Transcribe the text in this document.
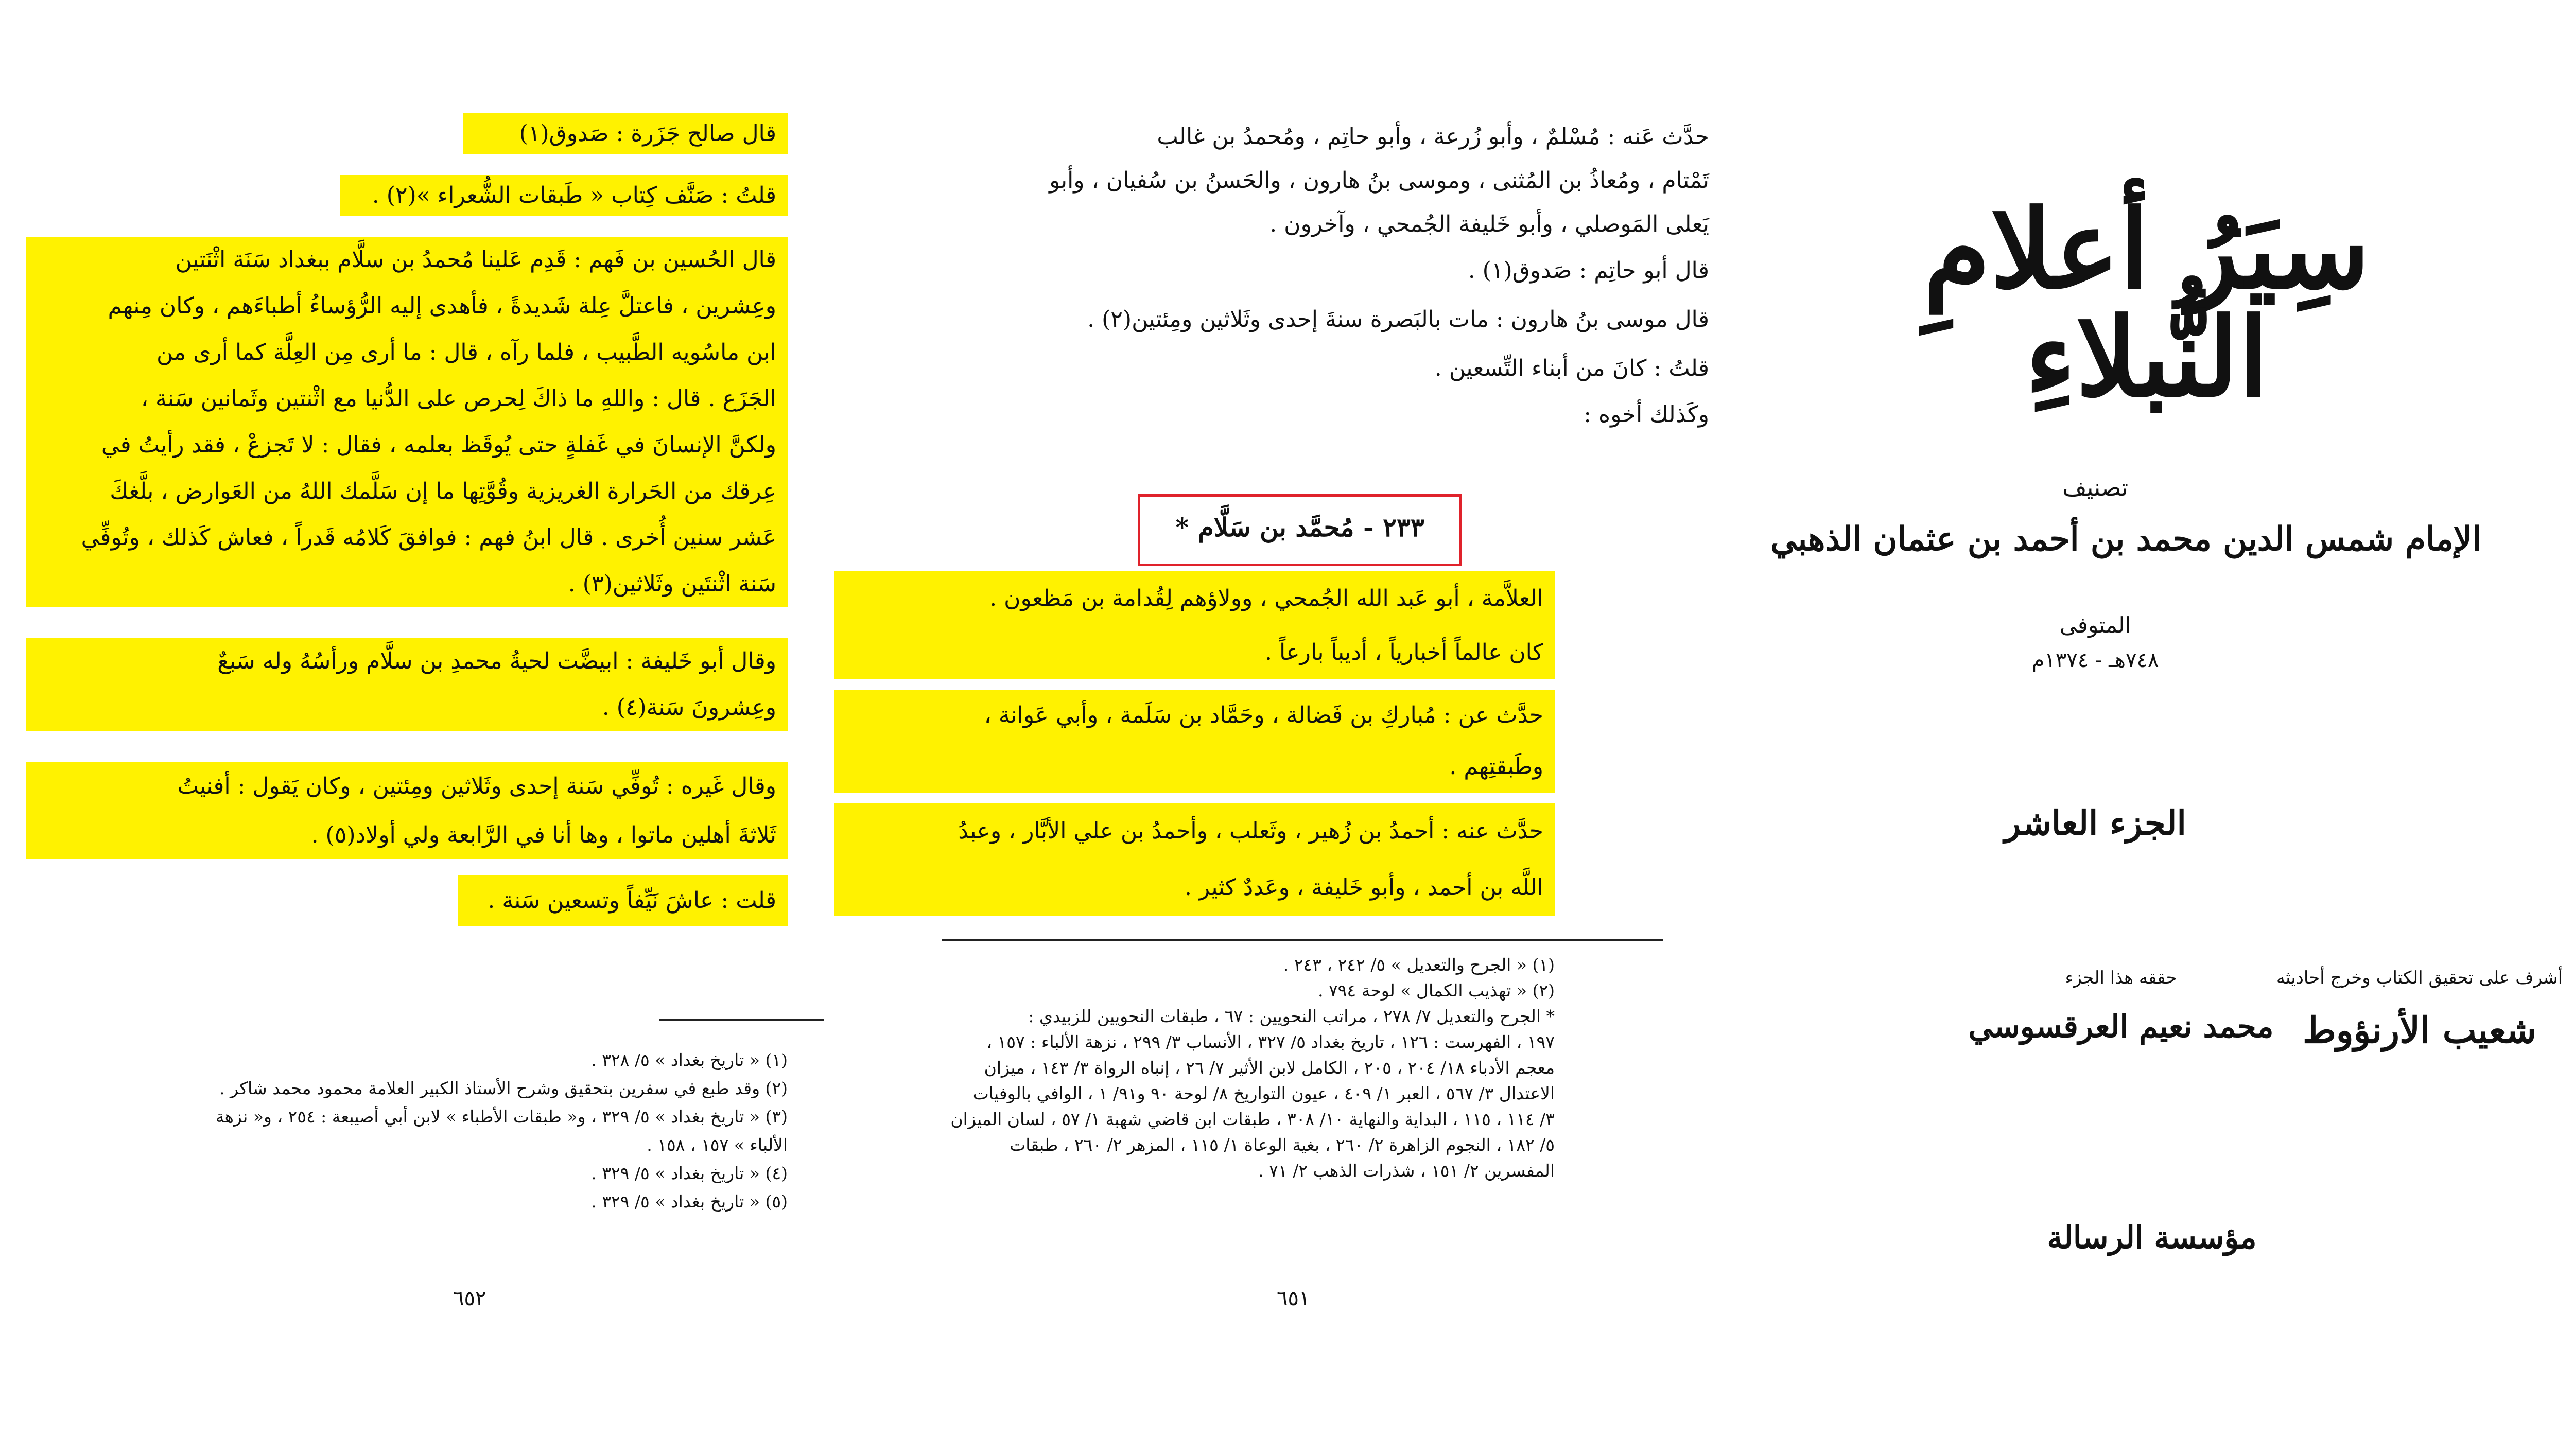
قال صالح جَزَرة : صَدوق(١)
قلتُ : صَنَّف كِتاب « طَبقات الشُّعراء »(٢) .
قال الحُسين بن فَهم : قَدِم عَلينا مُحمدُ بن سلَّام ببغداد سَنَة اثْنَتين
وعِشرين ، فاعتلَّ عِلة شَديدةً ، فأهدى إليه الرُّؤساءُ أطباءَهم ، وكان مِنهم
ابن ماسُويه الطَّبيب ، فلما رآه ، قال : ما أرى مِن العِلَّة كما أرى من
الجَزَع . قال : واللهِ ما ذاكَ لِحرص على الدُّنيا مع اثْنتين وثَمانين سَنة ،
ولكنَّ الإنسانَ في غَفلةٍ حتى يُوقَظ بعلمه ، فقال : لا تَجزعْ ، فقد رأيتُ في
عِرقك من الحَرارة الغريزية وقُوَّتِها ما إن سَلَّمك اللهُ من العَوارض ، بلَّغكَ
عَشر سنين أُخرى . قال ابنُ فهم : فوافقَ كَلامُه قَدراً ، فعاش كَذلك ، وتُوفِّي
سَنة اثْنتَين وثَلاثين(٣) .
وقال أبو خَليفة : ابيضَّت لحيةُ محمدِ بن سلَّام ورأسُهُ وله سَبعٌ
وعِشرونَ سَنة(٤) .
وقال غَيره : تُوفِّي سَنة إحدى وثَلاثين ومِئتين ، وكان يَقول : أفنيتُ
ثَلاثةَ أهلين ماتوا ، وها أنا في الرَّابعة ولي أولاد(٥) .
قلت : عاشَ نَيِّفاً وتسعين سَنة .
(١) « تاريخ بغداد » ٥/ ٣٢٨ .
(٢) وقد طبع في سفرين بتحقيق وشرح الأستاذ الكبير العلامة محمود محمد شاكر .
(٣) « تاريخ بغداد » ٥/ ٣٢٩ ، و« طبقات الأطباء » لابن أبي أصيبعة : ٢٥٤ ، و« نزهة
الألباء » ١٥٧ ، ١٥٨ .
(٤) « تاريخ بغداد » ٥/ ٣٢٩ .
(٥) « تاريخ بغداد » ٥/ ٣٢٩ .
٦٥٢
حدَّث عَنه : مُسْلمٌ ، وأبو زُرعة ، وأبو حاتِم ، ومُحمدُ بن غالب
تَمْتام ، ومُعاذُ بن المُثنى ، وموسى بنُ هارون ، والحَسنُ بن سُفيان ، وأبو
يَعلى المَوصلي ، وأبو خَليفة الجُمحي ، وآخرون .
قال أبو حاتِم : صَدوق(١) .
قال موسى بنُ هارون : مات بالبَصرة سنةَ إحدى وثَلاثين ومِئتين(٢) .
قلتُ : كانَ من أبناء التِّسعين .
وكَذلك أخوه :
٢٣٣ - مُحمَّد بن سَلَّام *
العلاَّمة ، أبو عَبد الله الجُمحي ، وولاؤهم لِقُدامة بن مَظعون .
كان عالماً أخبارياً ، أديباً بارعاً .
حدَّث عن : مُباركِ بن فَضالة ، وحَمَّاد بن سَلَمة ، وأبي عَوانة ،
وطَبقتِهم .
حدَّث عنه : أحمدُ بن زُهير ، وثَعلب ، وأحمدُ بن علي الأبَّار ، وعبدُ
اللَّه بن أحمد ، وأبو خَليفة ، وعَددٌ كثير .
(١) « الجرح والتعديل » ٥/ ٢٤٢ ، ٢٤٣ .
(٢) « تهذيب الكمال » لوحة ٧٩٤ .
* الجرح والتعديل ٧/ ٢٧٨ ، مراتب النحويين : ٦٧ ، طبقات النحويين للزبيدي :
١٩٧ ، الفهرست : ١٢٦ ، تاريخ بغداد ٥/ ٣٢٧ ، الأنساب ٣/ ٢٩٩ ، نزهة الألباء : ١٥٧ ،
معجم الأدباء ١٨/ ٢٠٤ ، ٢٠٥ ، الكامل لابن الأثير ٧/ ٢٦ ، إنباه الرواة ٣/ ١٤٣ ، ميزان
الاعتدال ٣/ ٥٦٧ ، العبر ١/ ٤٠٩ ، عيون التواريخ ٨/ لوحة ٩٠ و٩١/ ١ ، الوافي بالوفيات
٣/ ١١٤ ، ١١٥ ، البداية والنهاية ١٠/ ٣٠٨ ، طبقات ابن قاضي شهبة ١/ ٥٧ ، لسان الميزان
٥/ ١٨٢ ، النجوم الزاهرة ٢/ ٢٦٠ ، بغية الوعاة ١/ ١١٥ ، المزهر ٢/ ٢٦٠ ، طبقات
المفسرين ٢/ ١٥١ ، شذرات الذهب ٢/ ٧١ .
٦٥١
سِيَرُ أعلامِ النُّبلاءِ
تصنيف
الإمام شمس الدين محمد بن أحمد بن عثمان الذهبي
المتوفى
٧٤٨هـ - ١٣٧٤م
الجزء العاشر
أشرف على تحقيق الكتاب وخرج أحاديثه
شعيب الأرنؤوط
حققه هذا الجزء
محمد نعيم العرقسوسي
مؤسسة الرسالة
